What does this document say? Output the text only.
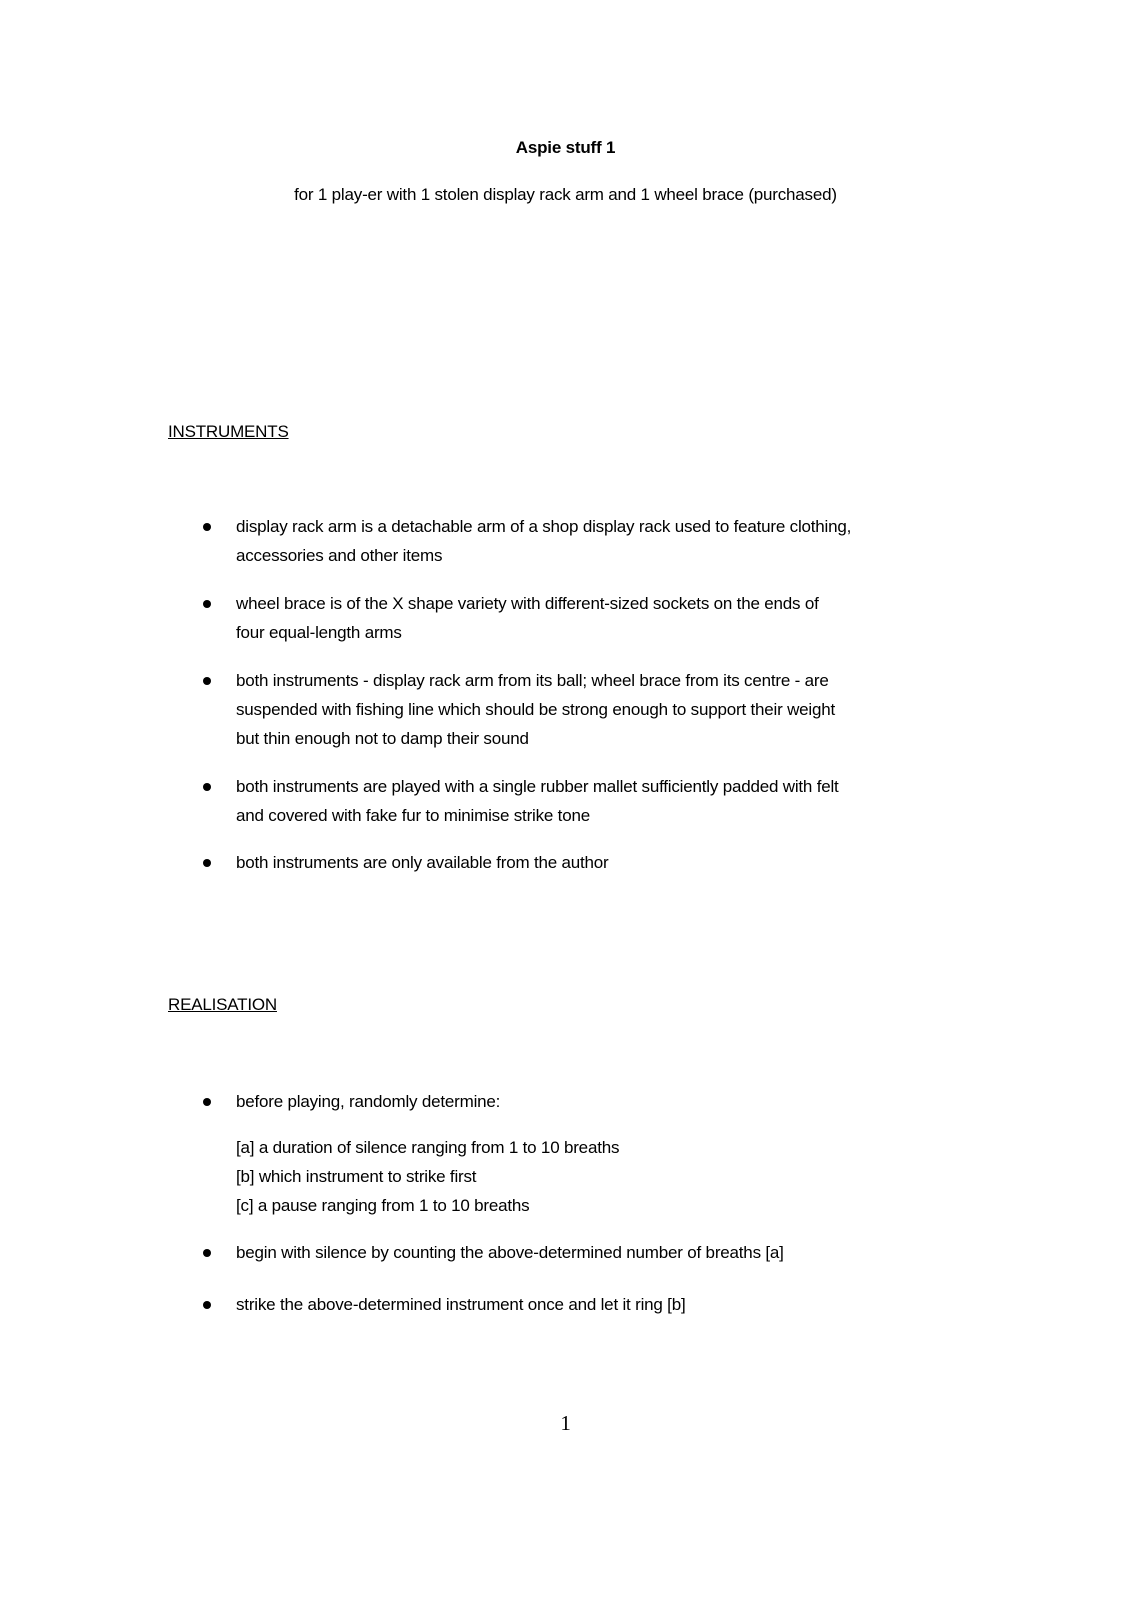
Aspie stuff 1
for 1 play-er with 1 stolen display rack arm and 1 wheel brace (purchased)
INSTRUMENTS
display rack arm is a detachable arm of a shop display rack used to feature clothing,
accessories and other items
wheel brace is of the X shape variety with different-sized sockets on the ends of
four equal-length arms
both instruments - display rack arm from its ball; wheel brace from its centre - are
suspended with fishing line which should be strong enough to support their weight
but thin enough not to damp their sound
both instruments are played with a single rubber mallet sufficiently padded with felt
and covered with fake fur to minimise strike tone
both instruments are only available from the author
REALISATION
before playing, randomly determine:
[a] a duration of silence ranging from 1 to 10 breaths
[b] which instrument to strike first
[c] a pause ranging from 1 to 10 breaths
begin with silence by counting the above-determined number of breaths [a]
strike the above-determined instrument once and let it ring [b]
1
